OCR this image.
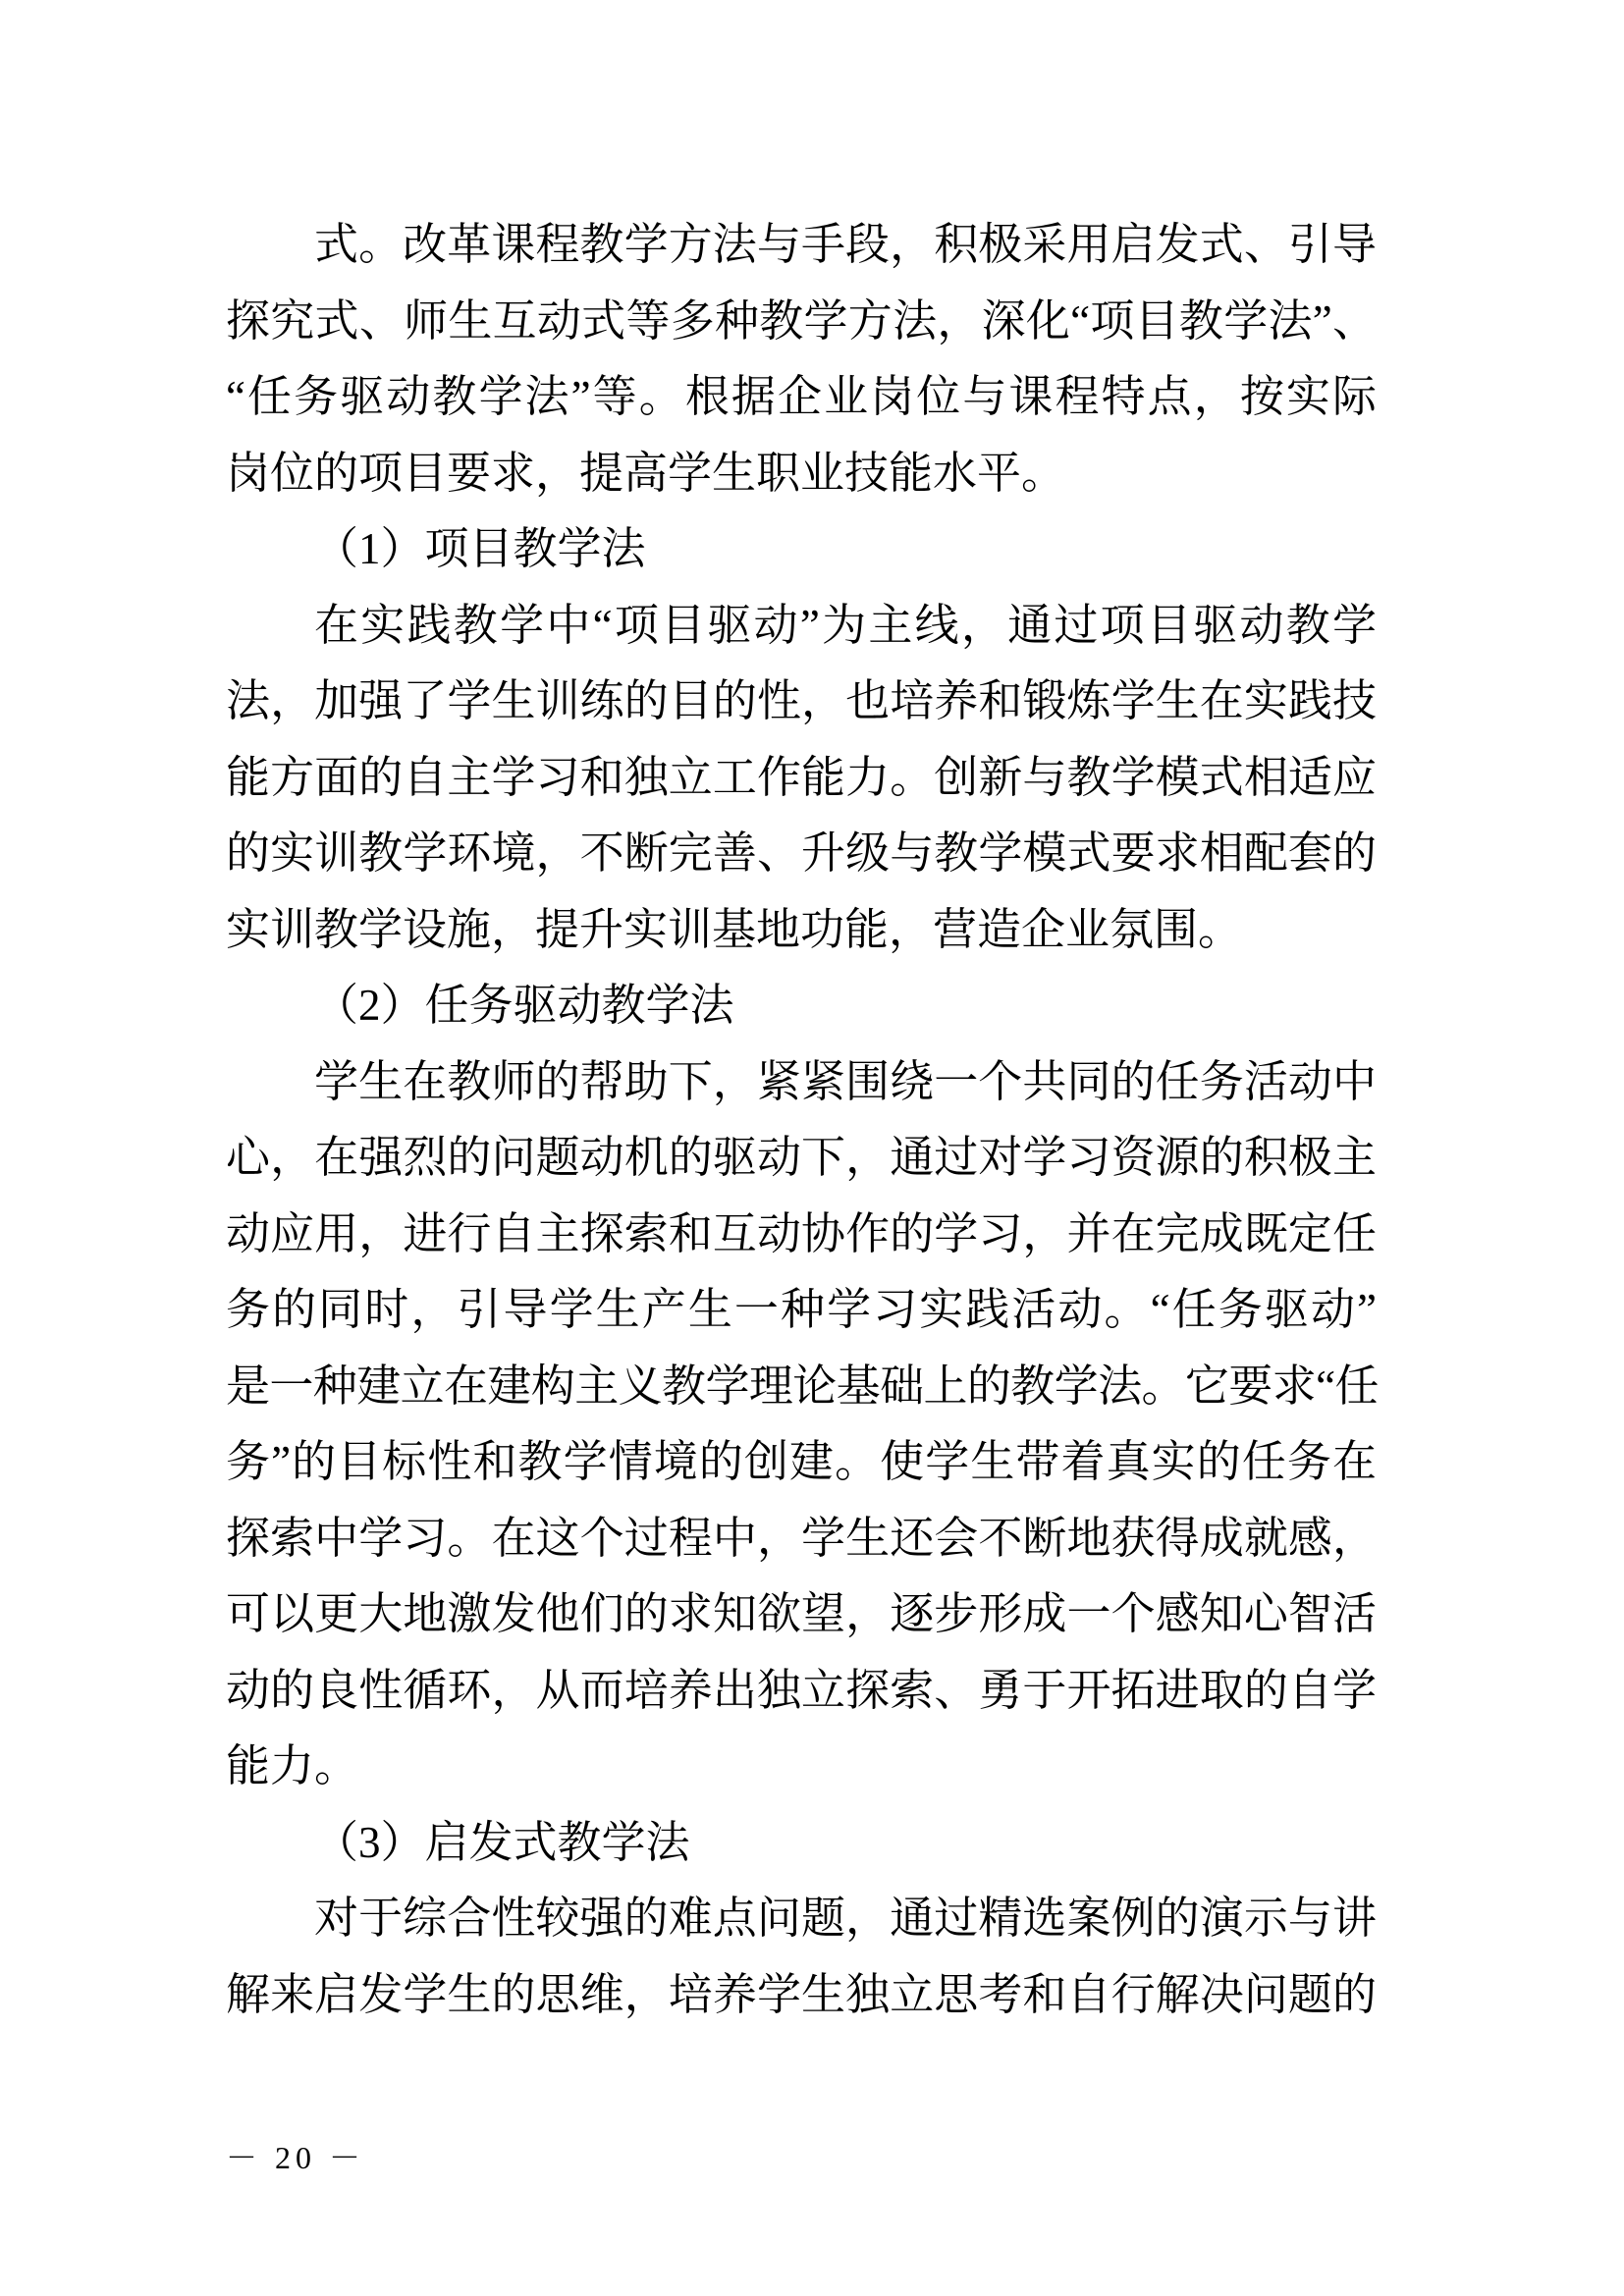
式。改革课程教学方法与手段，积极采用启发式、引导

探究式、师生互动式等多种教学方法，深化“项目教学法”、

“任务驱动教学法”等。根据企业岗位与课程特点，按实际

岗位的项目要求，提高学生职业技能水平。

（1）项目教学法

在实践教学中“项目驱动”为主线，通过项目驱动教学

法，加强了学生训练的目的性，也培养和锻炼学生在实践技

能方面的自主学习和独立工作能力。创新与教学模式相适应

的实训教学环境，不断完善、升级与教学模式要求相配套的

实训教学设施，提升实训基地功能，营造企业氛围。

（2）任务驱动教学法

学生在教师的帮助下，紧紧围绕一个共同的任务活动中

心，在强烈的问题动机的驱动下，通过对学习资源的积极主

动应用，进行自主探索和互动协作的学习，并在完成既定任

务的同时，引导学生产生一种学习实践活动。“任务驱动”

是一种建立在建构主义教学理论基础上的教学法。它要求“任

务”的目标性和教学情境的创建。使学生带着真实的任务在

探索中学习。在这个过程中，学生还会不断地获得成就感，

可以更大地激发他们的求知欲望，逐步形成一个感知心智活

动的良性循环，从而培养出独立探索、勇于开拓进取的自学

能力。

（3）启发式教学法

对于综合性较强的难点问题，通过精选案例的演示与讲

解来启发学生的思维，培养学生独立思考和自行解决问题的

－ 20 －
